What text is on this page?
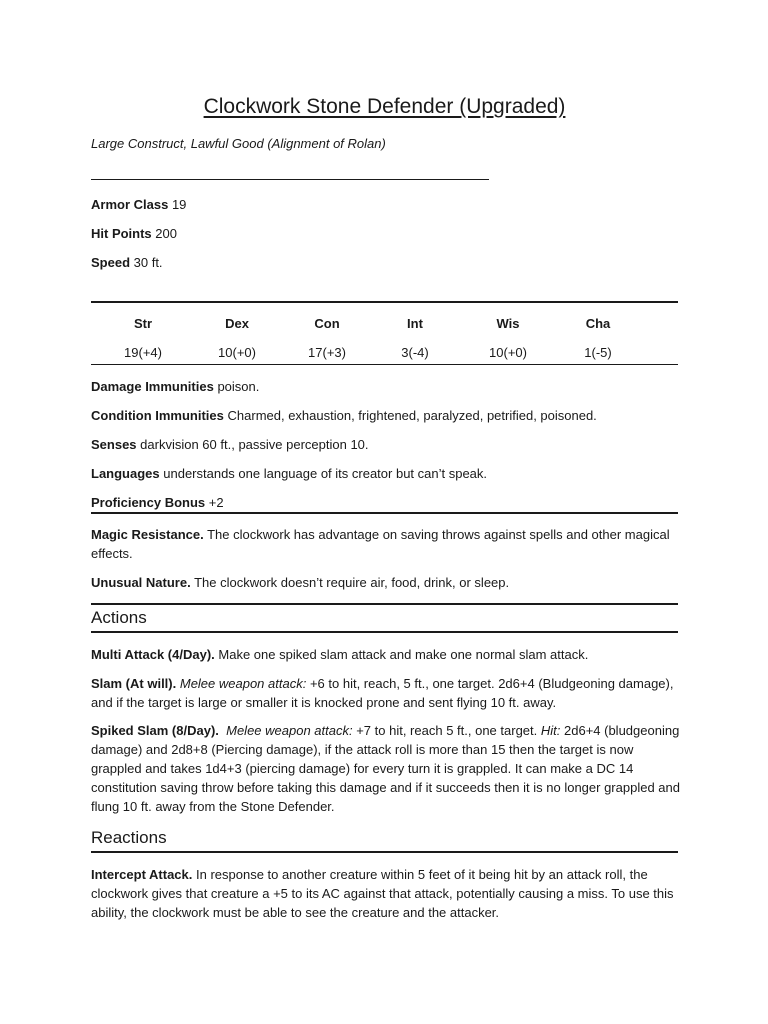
Clockwork Stone Defender (Upgraded)
Large Construct, Lawful Good (Alignment of Rolan)
Armor Class 19
Hit Points 200
Speed 30 ft.
Str	Dex	Con	Int	Wis	Cha
19(+4)	10(+0)	17(+3)	3(-4)	10(+0)	1(-5)
Damage Immunities poison.
Condition Immunities Charmed, exhaustion, frightened, paralyzed, petrified, poisoned.
Senses darkvision 60 ft., passive perception 10.
Languages understands one language of its creator but can’t speak.
Proficiency Bonus +2
Magic Resistance. The clockwork has advantage on saving throws against spells and other magical effects.
Unusual Nature. The clockwork doesn’t require air, food, drink, or sleep.
Actions
Multi Attack (4/Day). Make one spiked slam attack and make one normal slam attack.
Slam (At will). Melee weapon attack: +6 to hit, reach, 5 ft., one target. 2d6+4 (Bludgeoning damage), and if the target is large or smaller it is knocked prone and sent flying 10 ft. away.
Spiked Slam (8/Day). Melee weapon attack: +7 to hit, reach 5 ft., one target. Hit: 2d6+4 (bludgeoning damage) and 2d8+8 (Piercing damage), if the attack roll is more than 15 then the target is now grappled and takes 1d4+3 (piercing damage) for every turn it is grappled. It can make a DC 14 constitution saving throw before taking this damage and if it succeeds then it is no longer grappled and flung 10 ft. away from the Stone Defender.
Reactions
Intercept Attack. In response to another creature within 5 feet of it being hit by an attack roll, the clockwork gives that creature a +5 to its AC against that attack, potentially causing a miss. To use this ability, the clockwork must be able to see the creature and the attacker.
